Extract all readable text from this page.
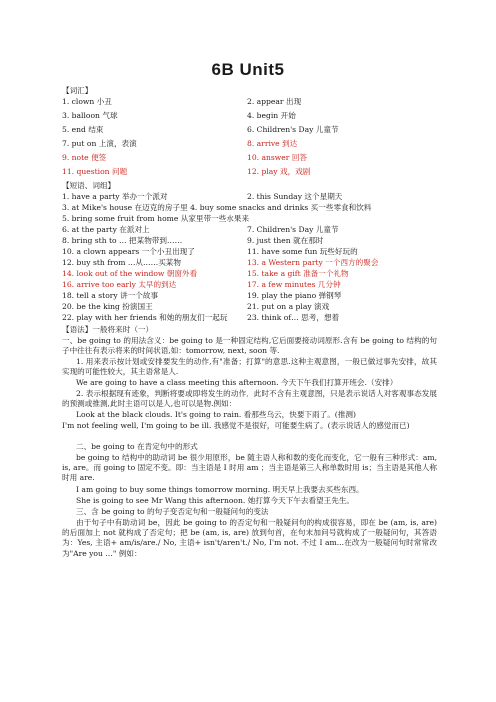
6B Unit5
【词汇】
1. clown 小丑	2. appear 出现
3. balloon 气球	4. begin 开始
5. end 结束	6. Children's Day 儿童节
7. put on 上演，表演	8. arrive 到达
9. note 便签	10. answer 回答
11. question 问题	12. play 戏，戏剧
【短语、词组】
1. have a party 举办一个派对	2. this Sunday 这个星期天
3. at Mike's house 在迈克的房子里 4. buy some snacks and drinks 买一些零食和饮料
5. bring some fruit from home 从家里带一些水果来
6. at the party 在派对上	7. Children's Day 儿童节
8. bring sth to … 把某物带到……	9. just then 就在那时
10. a clown appears 一个小丑出现了	11. have some fun 玩些好玩的
12. buy sth from …从……买某物	13. a Western party 一个西方的聚会
14. look out of the window 朝窗外看	15. take a gift 准备一个礼物
16. arrive too early 太早的到达	17. a few minutes 几分钟
18. tell a story 讲一个故事	19. play the piano 弹钢琴
20. be the king 扮演国王	21. put on a play 演戏
22. play with her friends 和她的朋友们一起玩	23. think of… 思考，想着
【语法】一般将来时（一）
一、be going to 的用法含义：be going to 是一种固定结构,它后面要接动词原形.含有 be going to 结构的句子中往往有表示将来的时间状语,如：tomorrow, next, soon 等.
1. 用来表示按计划或安排要发生的动作,有"准备；打算"的意思.这种主观意图，一般已做过事先安排，故其实现的可能性较大，其主语常是人.
We are going to have a class meeting this afternoon. 今天下午我们打算开班会.（安排）
2. 表示根据现有迹象，判断将要或即将发生的动作．此时不含有主观意图，只是表示说话人对客观事态发展的预测或推测,此时主语可以是人,也可以是物.例如：
Look at the black clouds. It's going to rain. 看那些乌云，快要下雨了。(推测)
I'm not feeling well, I'm going to be ill. 我感觉不是很好，可能要生病了。(表示说话人的感觉而已)
二、be going to 在肯定句中的形式
be going to 结构中的助动词 be 很少用原形，be 随主语人称和数的变化而变化，它一般有三种形式：am, is, are。而 going to 固定不变。即：当主语是 I 时用 am ；当主语是第三人称单数时用 is；当主语是其他人称时用 are.
I am going to buy some things tomorrow morning. 明天早上我要去买些东西。
She is going to see Mr Wang this afternoon. 她打算今天下午去看望王先生。
三、含 be going to 的句子变否定句和一般疑问句的变法
由于句子中有助动词 be，因此 be going to 的否定句和一般疑问句的构成很容易，即在 be (am, is, are) 的后面加上 not 就构成了否定句；把 be (am, is, are) 放到句首，在句末加问号就构成了一般疑问句，其答语为：Yes, 主语+ am/is/are./ No, 主语+ isn't/aren't./ No, I'm not. 不过 I am...在改为一般疑问句时常常改为"Are you …" 例如：
